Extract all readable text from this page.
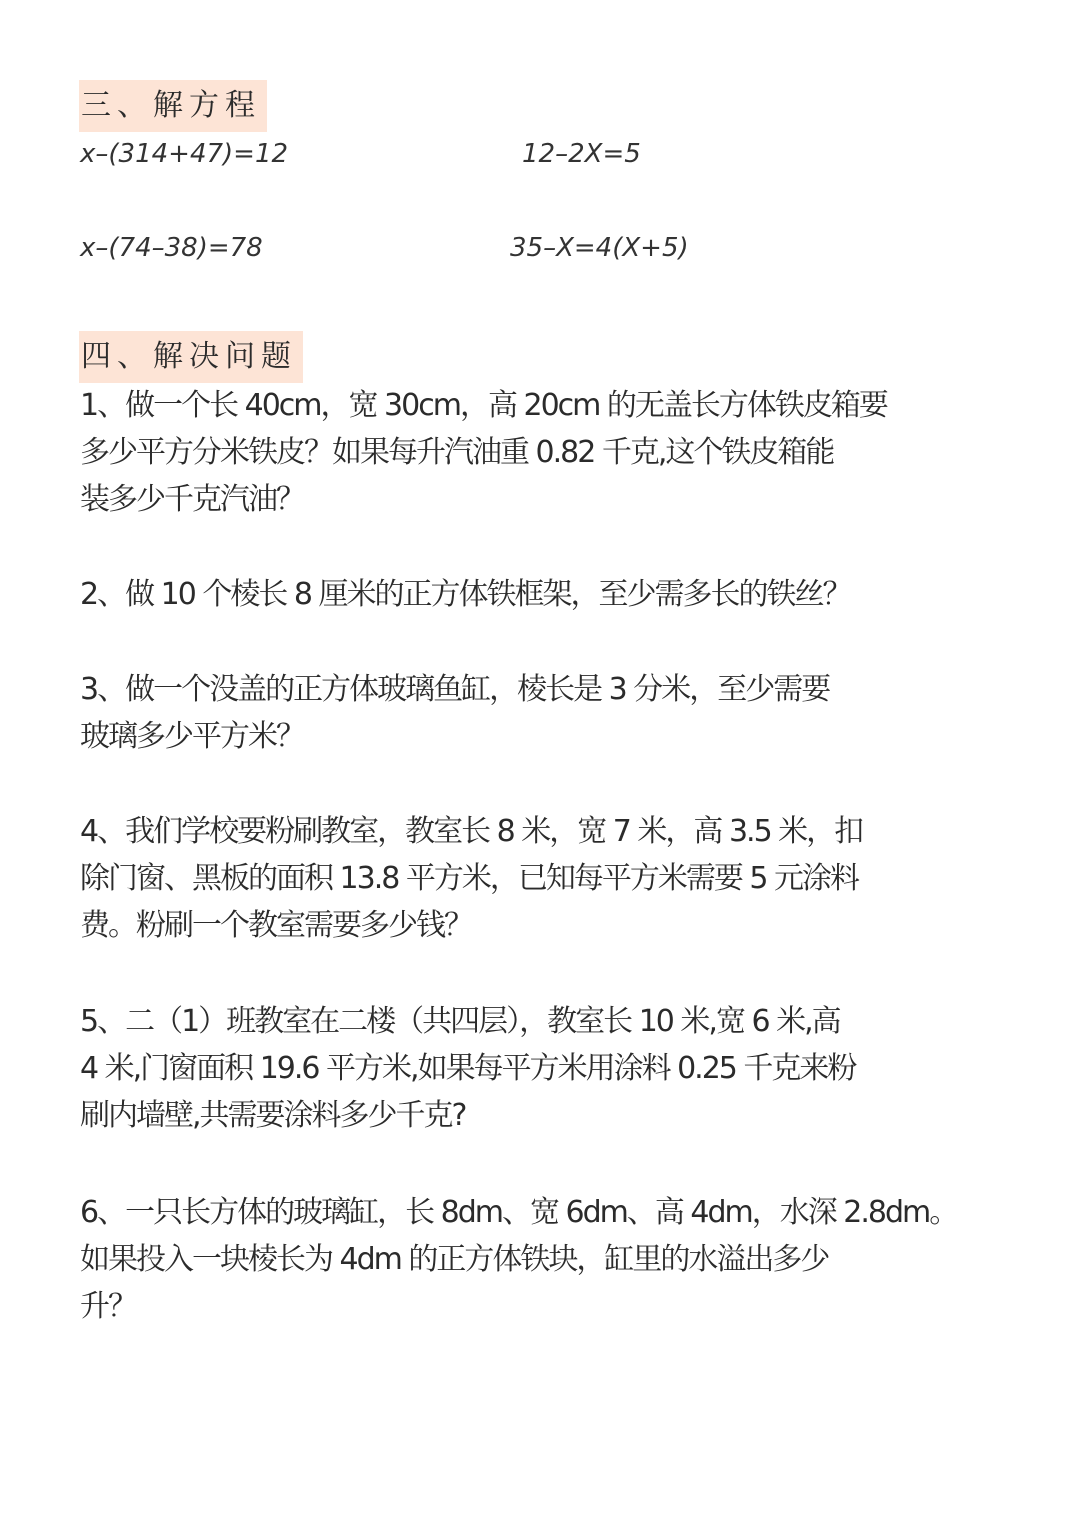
三、解方程
x–(314+47)=12	12–2X=5
x–(74–38)=78	35–X=4(X+5)
四、解决问题
1、做一个长 40cm，宽 30cm，高 20cm 的无盖长方体铁皮箱要
多少平方分米铁皮？如果每升汽油重 0.82 千克,这个铁皮箱能
装多少千克汽油？
2、做 10 个棱长 8 厘米的正方体铁框架，至少需多长的铁丝？
3、做一个没盖的正方体玻璃鱼缸，棱长是 3 分米，至少需要
玻璃多少平方米？
4、我们学校要粉刷教室，教室长 8 米，宽 7 米，高 3.5 米，扣
除门窗、黑板的面积 13.8 平方米，已知每平方米需要 5 元涂料
费。粉刷一个教室需要多少钱？
5、二（1）班教室在二楼（共四层），教室长 10 米,宽 6 米,高
4 米,门窗面积 19.6 平方米,如果每平方米用涂料 0.25 千克来粉
刷内墙壁,共需要涂料多少千克?
6、一只长方体的玻璃缸，长 8dm、宽 6dm、高 4dm，水深 2.8dm。
如果投入一块棱长为 4dm 的正方体铁块，缸里的水溢出多少
升？
